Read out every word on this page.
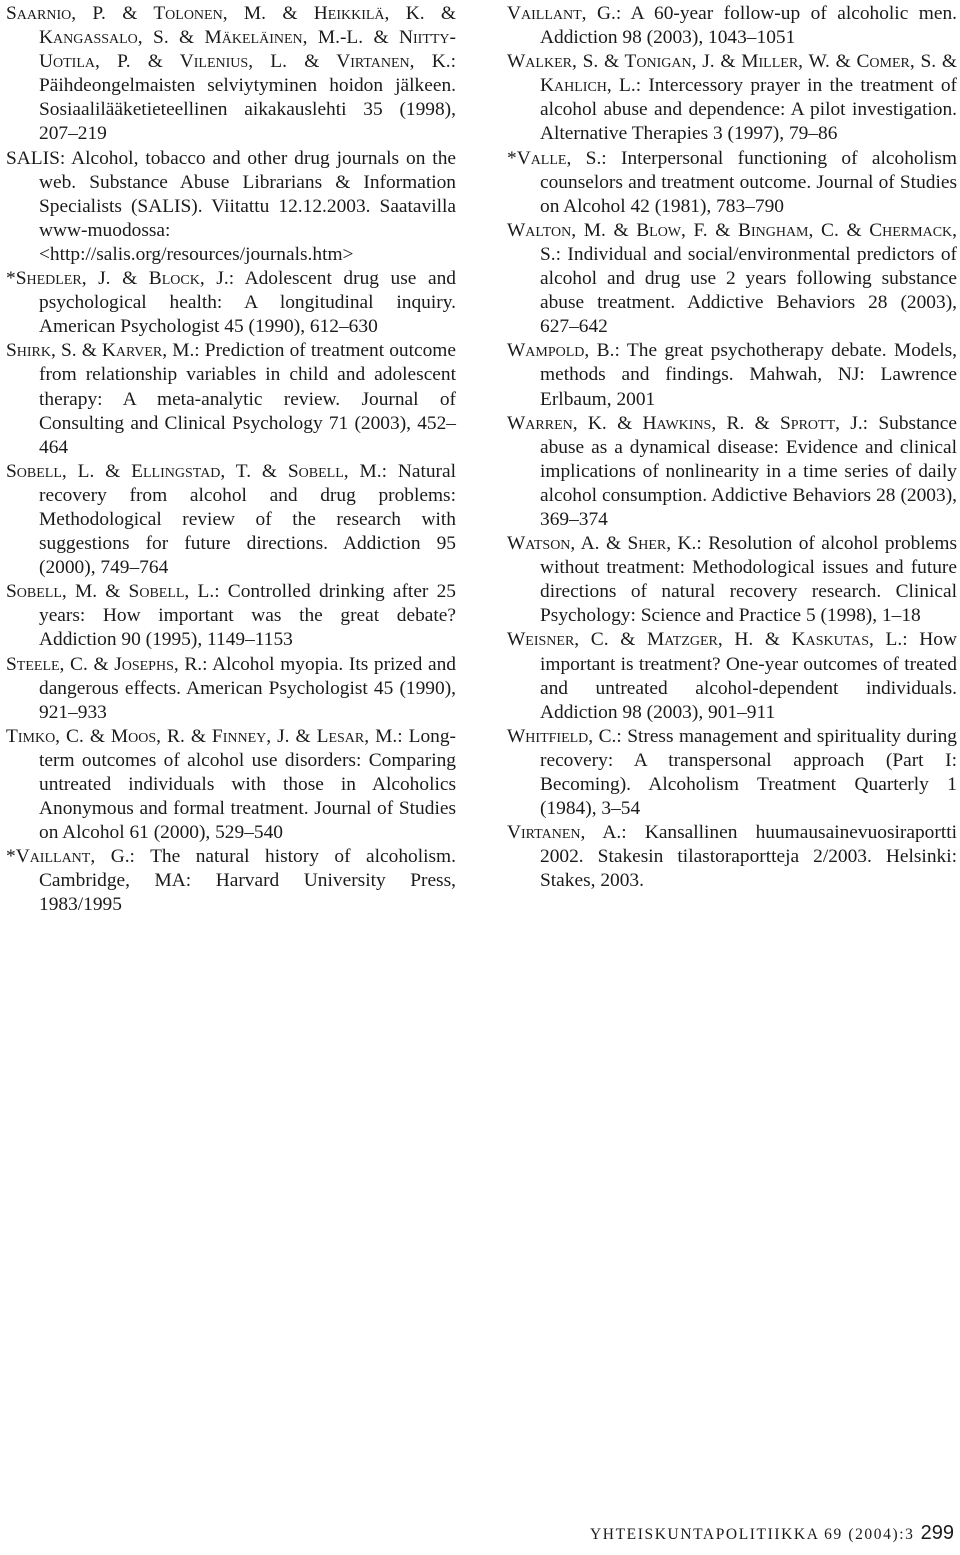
Saarnio, P. & Tolonen, M. & Heikkilä, K. & Kangassalo, S. & Mäkeläinen, M.-L. & Niitty-Uotila, P. & Vilenius, L. & Virtanen, K.: Päihdeongelmaisten selviytyminen hoidon jälkeen. Sosiaalilääketieteellinen aikakauslehti 35 (1998), 207‒219

SALIS: Alcohol, tobacco and other drug journals on the web. Substance Abuse Librarians & Information Specialists (SALIS). Viitattu 12.12.2003. Saatavilla www-muodossa: <http://salis.org/resources/journals.htm>

*Shedler, J. & Block, J.: Adolescent drug use and psychological health: A longitudinal inquiry. American Psychologist 45 (1990), 612‒630

Shirk, S. & Karver, M.: Prediction of treatment outcome from relationship variables in child and adolescent therapy: A meta-analytic review. Journal of Consulting and Clinical Psychology 71 (2003), 452‒464

Sobell, L. & Ellingstad, T. & Sobell, M.: Natural recovery from alcohol and drug problems: Methodological review of the research with suggestions for future directions. Addiction 95 (2000), 749‒764

Sobell, M. & Sobell, L.: Controlled drinking after 25 years: How important was the great debate? Addiction 90 (1995), 1149‒1153

Steele, C. & Josephs, R.: Alcohol myopia. Its prized and dangerous effects. American Psychologist 45 (1990), 921‒933

Timko, C. & Moos, R. & Finney, J. & Lesar, M.: Long-term outcomes of alcohol use disorders: Comparing untreated individuals with those in Alcoholics Anonymous and formal treatment. Journal of Studies on Alcohol 61 (2000), 529‒540

*Vaillant, G.: The natural history of alcoholism. Cambridge, MA: Harvard University Press, 1983/1995

Vaillant, G.: A 60-year follow-up of alcoholic men. Addiction 98 (2003), 1043‒1051

Walker, S. & Tonigan, J. & Miller, W. & Comer, S. & Kahlich, L.: Intercessory prayer in the treatment of alcohol abuse and dependence: A pilot investigation. Alternative Therapies 3 (1997), 79‒86

*Valle, S.: Interpersonal functioning of alcoholism counselors and treatment outcome. Journal of Studies on Alcohol 42 (1981), 783‒790

Walton, M. & Blow, F. & Bingham, C. & Chermack, S.: Individual and social/environmental predictors of alcohol and drug use 2 years following substance abuse treatment. Addictive Behaviors 28 (2003), 627‒642

Wampold, B.: The great psychotherapy debate. Models, methods and findings. Mahwah, NJ: Lawrence Erlbaum, 2001

Warren, K. & Hawkins, R. & Sprott, J.: Substance abuse as a dynamical disease: Evidence and clinical implications of nonlinearity in a time series of daily alcohol consumption. Addictive Behaviors 28 (2003), 369‒374

Watson, A. & Sher, K.: Resolution of alcohol problems without treatment: Methodological issues and future directions of natural recovery research. Clinical Psychology: Science and Practice 5 (1998), 1‒18

Weisner, C. & Matzger, H. & Kaskutas, L.: How important is treatment? One-year outcomes of treated and untreated alcohol-dependent individuals. Addiction 98 (2003), 901‒911

Whitfield, C.: Stress management and spirituality during recovery: A transpersonal approach (Part I: Becoming). Alcoholism Treatment Quarterly 1 (1984), 3‒54

Virtanen, A.: Kansallinen huumausainevuosiraportti 2002. Stakesin tilastoraportteja 2/2003. Helsinki: Stakes, 2003.

YHTEISKUNTAPOLITIIKKA 69 (2004):3 299
